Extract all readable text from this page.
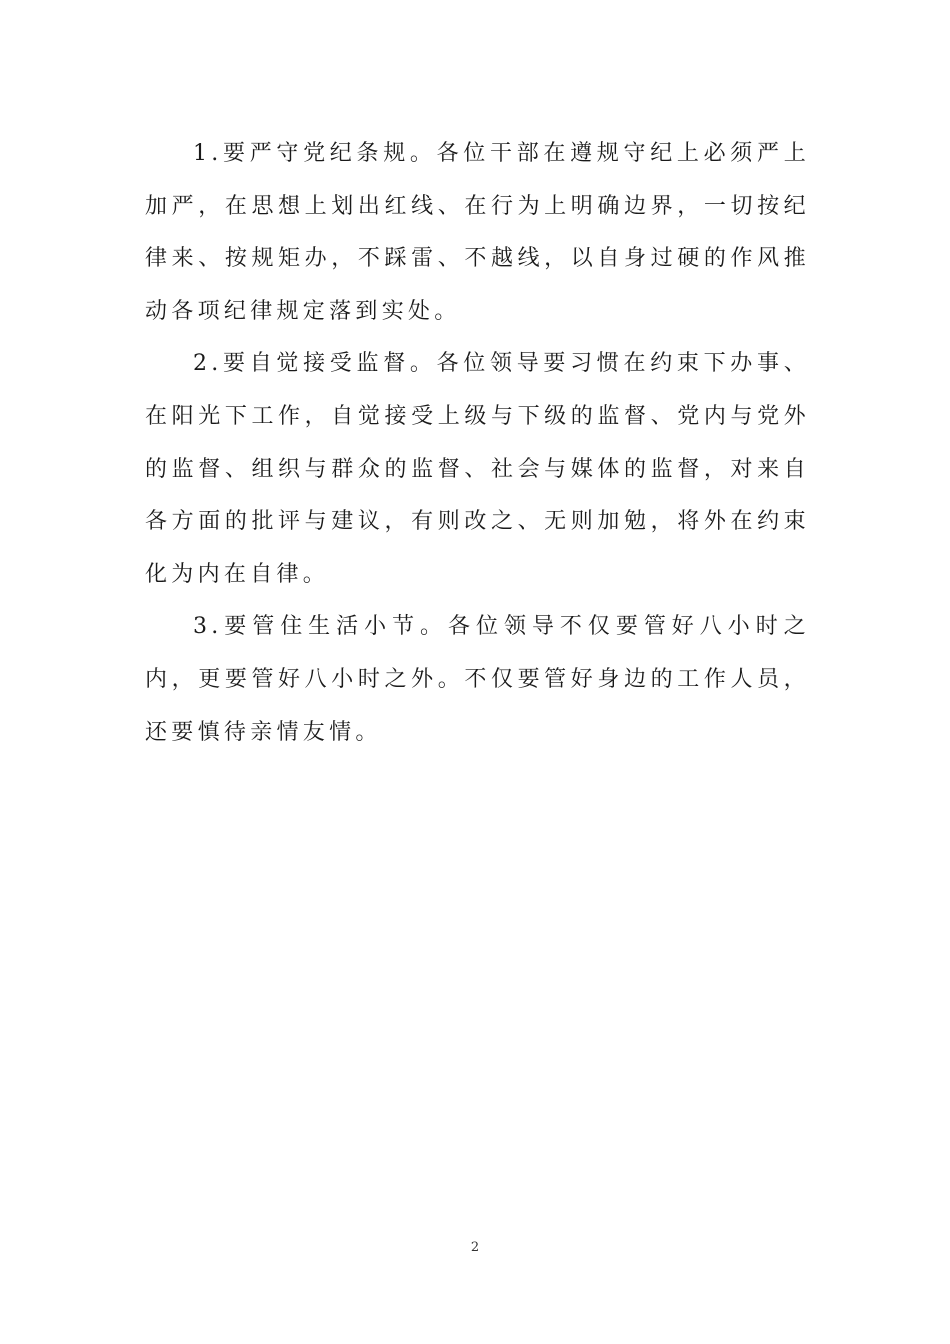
1.要严守党纪条规。各位干部在遵规守纪上必须严上加严，在思想上划出红线、在行为上明确边界，一切按纪律来、按规矩办，不踩雷、不越线，以自身过硬的作风推动各项纪律规定落到实处。

2.要自觉接受监督。各位领导要习惯在约束下办事、在阳光下工作，自觉接受上级与下级的监督、党内与党外的监督、组织与群众的监督、社会与媒体的监督，对来自各方面的批评与建议，有则改之、无则加勉，将外在约束化为内在自律。

3.要管住生活小节。各位领导不仅要管好八小时之内，更要管好八小时之外。不仅要管好身边的工作人员，还要慎待亲情友情。

2
